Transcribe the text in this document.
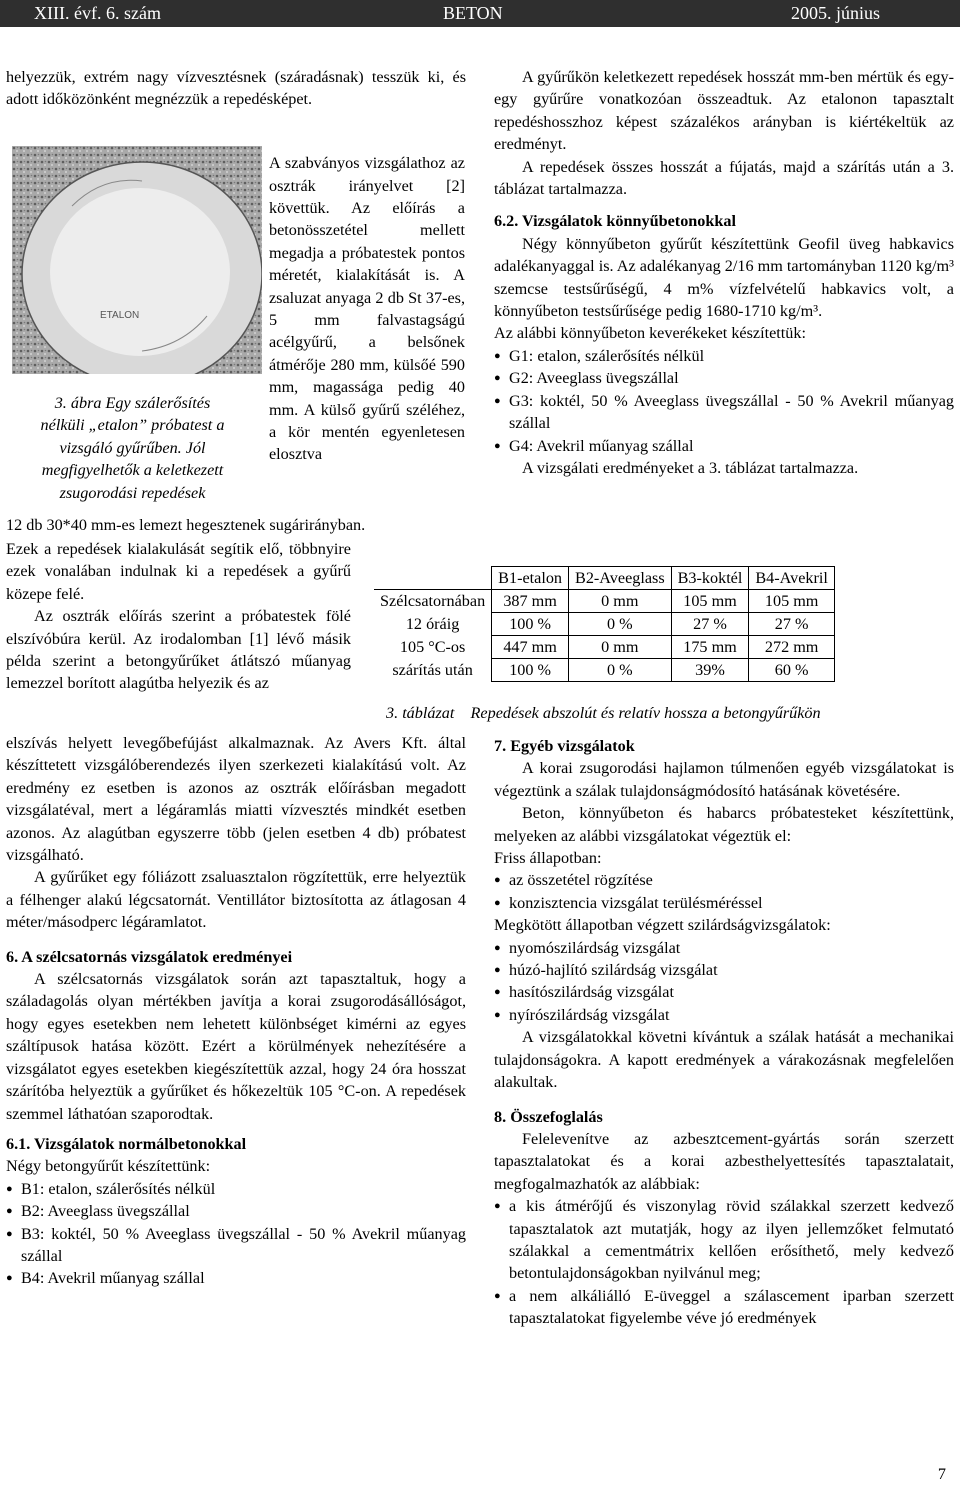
XIII. évf. 6. szám	BETON	2005. június

helyezzük, extrém nagy vízvesztésnek (száradásnak) tesszük ki, és adott időközönként megnézzük a repedésképet.

ETALON

A szabványos vizsgálathoz az osztrák irányelvet [2] követtük. Az előírás a betonösszetétel mellett megadja a próbatestek pontos méretét, kialakítását is. A zsaluzat anyaga 2 db St 37-es, 5 mm falvastagságú acélgyűrű, a belsőnek átmérője 280 mm, külsőé 590 mm, magassága pedig 40 mm. A külső gyűrű széléhez, a kör mentén egyenletesen elosztva

3. ábra Egy szálerősítés
nélküli „etalon” próbatest a
vizsgáló gyűrűben. Jól
megfigyelhetők a keletkezett
zsugorodási repedések

12 db 30*40 mm-es lemezt hegesztenek sugárirányban.

Ezek a repedések kialakulását segítik elő, többnyire ezek vonalában indulnak ki a repedések a gyűrű közepe felé.

Az osztrák előírás szerint a próbatestek fölé elszívóbúra kerül. Az irodalomban [1] lévő másik példa szerint a betongyűrűket átlátszó műanyag lemezzel borított alagútba helyezik és az

elszívás helyett levegőbefújást alkalmaznak. Az Avers Kft. által készíttetett vizsgálóberendezés ilyen szerkezeti kialakítású volt. Az eredmény ez esetben is azonos az osztrák előírásban megadott vizsgálatéval, mert a légáramlás miatti vízvesztés mindkét esetben azonos. Az alagútban egyszerre több (jelen esetben 4 db) próbatest vizsgálható.

A gyűrűket egy fóliázott zsaluasztalon rögzítettük, erre helyeztük a félhenger alakú légcsatornát. Ventillátor biztosította az átlagosan 4 méter/másodperc légáramlatot.

6. A szélcsatornás vizsgálatok eredményei

A szélcsatornás vizsgálatok során azt tapasztaltuk, hogy a száladagolás olyan mértékben javítja a korai zsugorodásállóságot, hogy egyes esetekben nem lehetett különbséget kimérni az egyes száltípusok hatása között. Ezért a körülmények nehezítésére a vizsgálatot egyes esetekben kiegészítettük azzal, hogy 24 óra hosszat szárítóba helyeztük a gyűrűket és hőkezeltük 105 °C-on. A repedések szemmel láthatóan szaporodtak.

6.1. Vizsgálatok normálbetonokkal

Négy betongyűrűt készítettünk:

● B1: etalon, szálerősítés nélkül
● B2: Aveeglass üvegszállal
● B3: koktél, 50 % Aveeglass üvegszállal - 50 % Avekril műanyag szállal
● B4: Avekril műanyag szállal

A gyűrűkön keletkezett repedések hosszát mm-ben mértük és egy-egy gyűrűre vonatkozóan összeadtuk. Az etalonon tapasztalt repedéshosszhoz képest százalékos arányban is kiértékeltük az eredményt.

A repedések összes hosszát a fújatás, majd a szárítás után a 3. táblázat tartalmazza.

6.2. Vizsgálatok könnyűbetonokkal

Négy könnyűbeton gyűrűt készítettünk Geofil üveg habkavics adalékanyaggal is. Az adalékanyag 2/16 mm tartományban 1120 kg/m³ szemcse testsűrűségű, 4 m% vízfelvételű habkavics volt, a könnyűbeton testsűrűsége pedig 1680-1710 kg/m³.

Az alábbi könnyűbeton keverékeket készítettük:

● G1: etalon, szálerősítés nélkül
● G2: Aveeglass üvegszállal
● G3: koktél, 50 % Aveeglass üvegszállal - 50 % Avekril műanyag szállal
● G4: Avekril műanyag szállal

A vizsgálati eredményeket a 3. táblázat tartalmazza.

	B1-etalon	B2-Aveeglass	B3-koktél	B4-Avekril
Szélcsatornában	387 mm	0 mm	105 mm	105 mm
12 óráig	100 %	0 %	27 %	27 %
105 °C-os	447 mm	0 mm	175 mm	272 mm
szárítás után	100 %	0 %	39%	60 %
3. táblázat Repedések abszolút és relatív hossza a betongyűrűkön

7. Egyéb vizsgálatok

A korai zsugorodási hajlamon túlmenően egyéb vizsgálatokat is végeztünk a szálak tulajdonságmódosító hatásának követésére.

Beton, könnyűbeton és habarcs próbatesteket készítettünk, melyeken az alábbi vizsgálatokat végeztük el:

Friss állapotban:

● az összetétel rögzítése
● konzisztencia vizsgálat terülésméréssel

Megkötött állapotban végzett szilárdságvizsgálatok:

● nyomószilárdság vizsgálat
● húzó-hajlító szilárdság vizsgálat
● hasítószilárdság vizsgálat
● nyírószilárdság vizsgálat

A vizsgálatokkal követni kívántuk a szálak hatását a mechanikai tulajdonságokra. A kapott eredmények a várakozásnak megfelelően alakultak.

8. Összefoglalás

Felelevenítve az azbesztcement-gyártás során szerzett tapasztalatokat és a korai azbesthelyettesítés tapasztalatait, megfogalmazhatók az alábbiak:

● a kis átmérőjű és viszonylag rövid szálakkal szerzett kedvező tapasztalatok azt mutatják, hogy az ilyen jellemzőket felmutató szálakkal a cementmátrix kellően erősíthető, mely kedvező betontulajdonságokban nyilvánul meg;
● a nem alkáliálló E-üveggel a szálascement iparban szerzett tapasztalatokat figyelembe véve jó eredmények
7
